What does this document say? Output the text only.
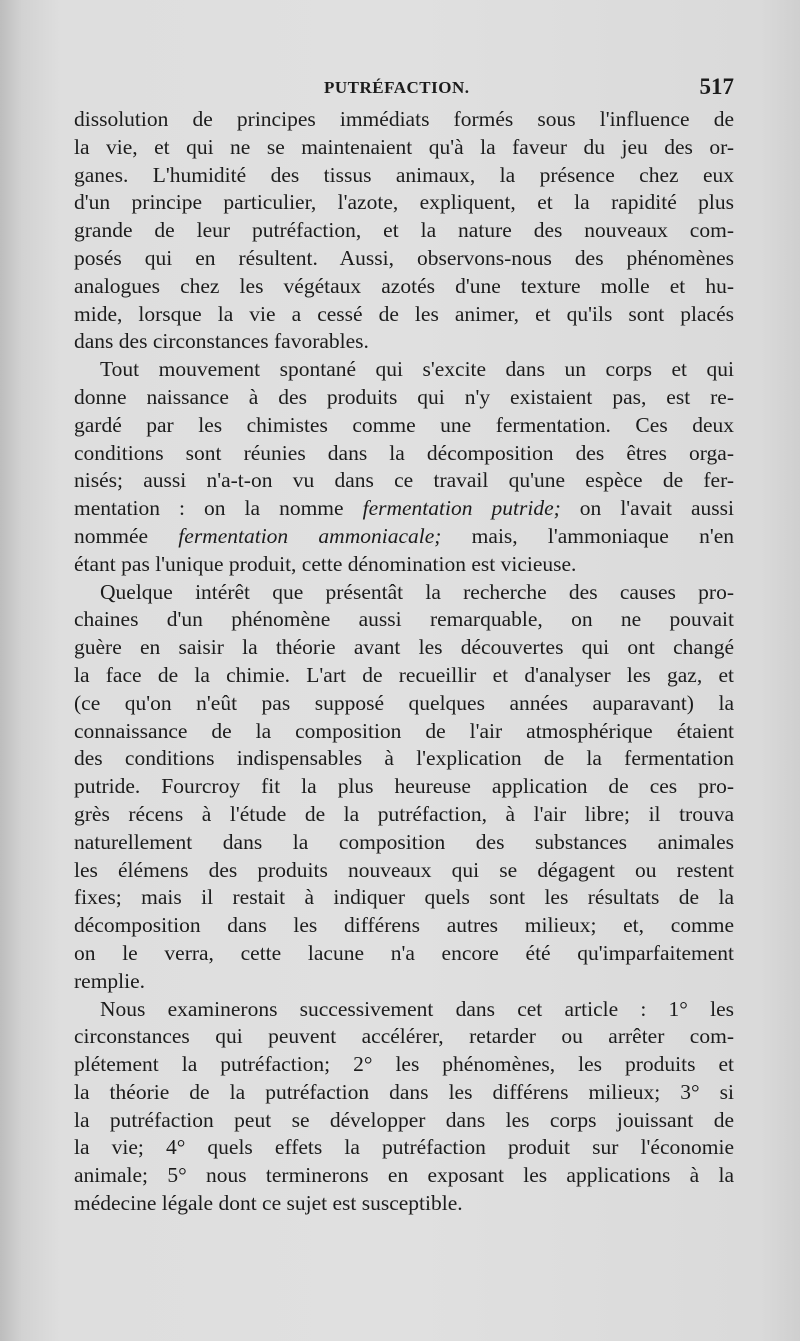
PUTRÉFACTION.	517

dissolution de principes immédiats formés sous l'influence de
la vie, et qui ne se maintenaient qu'à la faveur du jeu des or-
ganes. L'humidité des tissus animaux, la présence chez eux
d'un principe particulier, l'azote, expliquent, et la rapidité plus
grande de leur putréfaction, et la nature des nouveaux com-
posés qui en résultent. Aussi, observons-nous des phénomènes
analogues chez les végétaux azotés d'une texture molle et hu-
mide, lorsque la vie a cessé de les animer, et qu'ils sont placés
dans des circonstances favorables.

Tout mouvement spontané qui s'excite dans un corps et qui
donne naissance à des produits qui n'y existaient pas, est re-
gardé par les chimistes comme une fermentation. Ces deux
conditions sont réunies dans la décomposition des êtres orga-
nisés; aussi n'a-t-on vu dans ce travail qu'une espèce de fer-
mentation : on la nomme fermentation putride; on l'avait aussi
nommée fermentation ammoniacale; mais, l'ammoniaque n'en
étant pas l'unique produit, cette dénomination est vicieuse.

Quelque intérêt que présentât la recherche des causes pro-
chaines d'un phénomène aussi remarquable, on ne pouvait
guère en saisir la théorie avant les découvertes qui ont changé
la face de la chimie. L'art de recueillir et d'analyser les gaz, et
(ce qu'on n'eût pas supposé quelques années auparavant) la
connaissance de la composition de l'air atmosphérique étaient
des conditions indispensables à l'explication de la fermentation
putride. Fourcroy fit la plus heureuse application de ces pro-
grès récens à l'étude de la putréfaction, à l'air libre; il trouva
naturellement dans la composition des substances animales
les élémens des produits nouveaux qui se dégagent ou restent
fixes; mais il restait à indiquer quels sont les résultats de la
décomposition dans les différens autres milieux; et, comme
on le verra, cette lacune n'a encore été qu'imparfaitement
remplie.

Nous examinerons successivement dans cet article : 1° les
circonstances qui peuvent accélérer, retarder ou arrêter com-
plétement la putréfaction; 2° les phénomènes, les produits et
la théorie de la putréfaction dans les différens milieux; 3° si
la putréfaction peut se développer dans les corps jouissant de
la vie; 4° quels effets la putréfaction produit sur l'économie
animale; 5° nous terminerons en exposant les applications à la
médecine légale dont ce sujet est susceptible.
